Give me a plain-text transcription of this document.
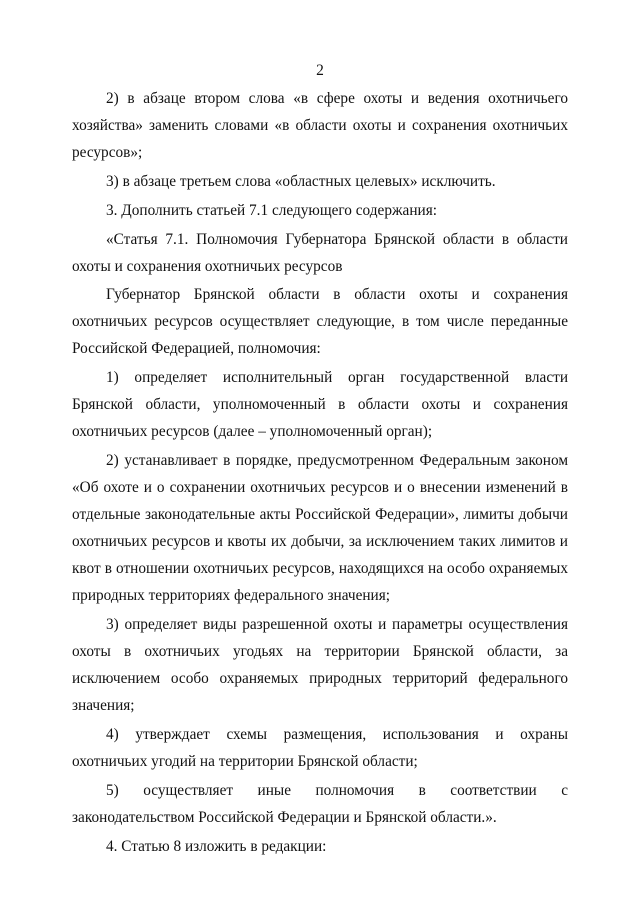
2

2) в абзаце втором слова «в сфере охоты и ведения охотничьего хозяйства» заменить словами «в области охоты и сохранения охотничьих ресурсов»;

3) в абзаце третьем слова «областных целевых» исключить.

3. Дополнить статьей 7.1 следующего содержания:

«Статья 7.1. Полномочия Губернатора Брянской области в области охоты и сохранения охотничьих ресурсов

Губернатор Брянской области в области охоты и сохранения охотничьих ресурсов осуществляет следующие, в том числе переданные Российской Федерацией, полномочия:

1) определяет исполнительный орган государственной власти Брянской области, уполномоченный в области охоты и сохранения охотничьих ресурсов (далее – уполномоченный орган);

2) устанавливает в порядке, предусмотренном Федеральным законом «Об охоте и о сохранении охотничьих ресурсов и о внесении изменений в отдельные законодательные акты Российской Федерации», лимиты добычи охотничьих ресурсов и квоты их добычи, за исключением таких лимитов и квот в отношении охотничьих ресурсов, находящихся на особо охраняемых природных территориях федерального значения;

3) определяет виды разрешенной охоты и параметры осуществления охоты в охотничьих угодьях на территории Брянской области, за исключением особо охраняемых природных территорий федерального значения;

4) утверждает схемы размещения, использования и охраны охотничьих угодий на территории Брянской области;

5) осуществляет иные полномочия в соответствии с законодательством Российской Федерации и Брянской области.».

4. Статью 8 изложить в редакции:
